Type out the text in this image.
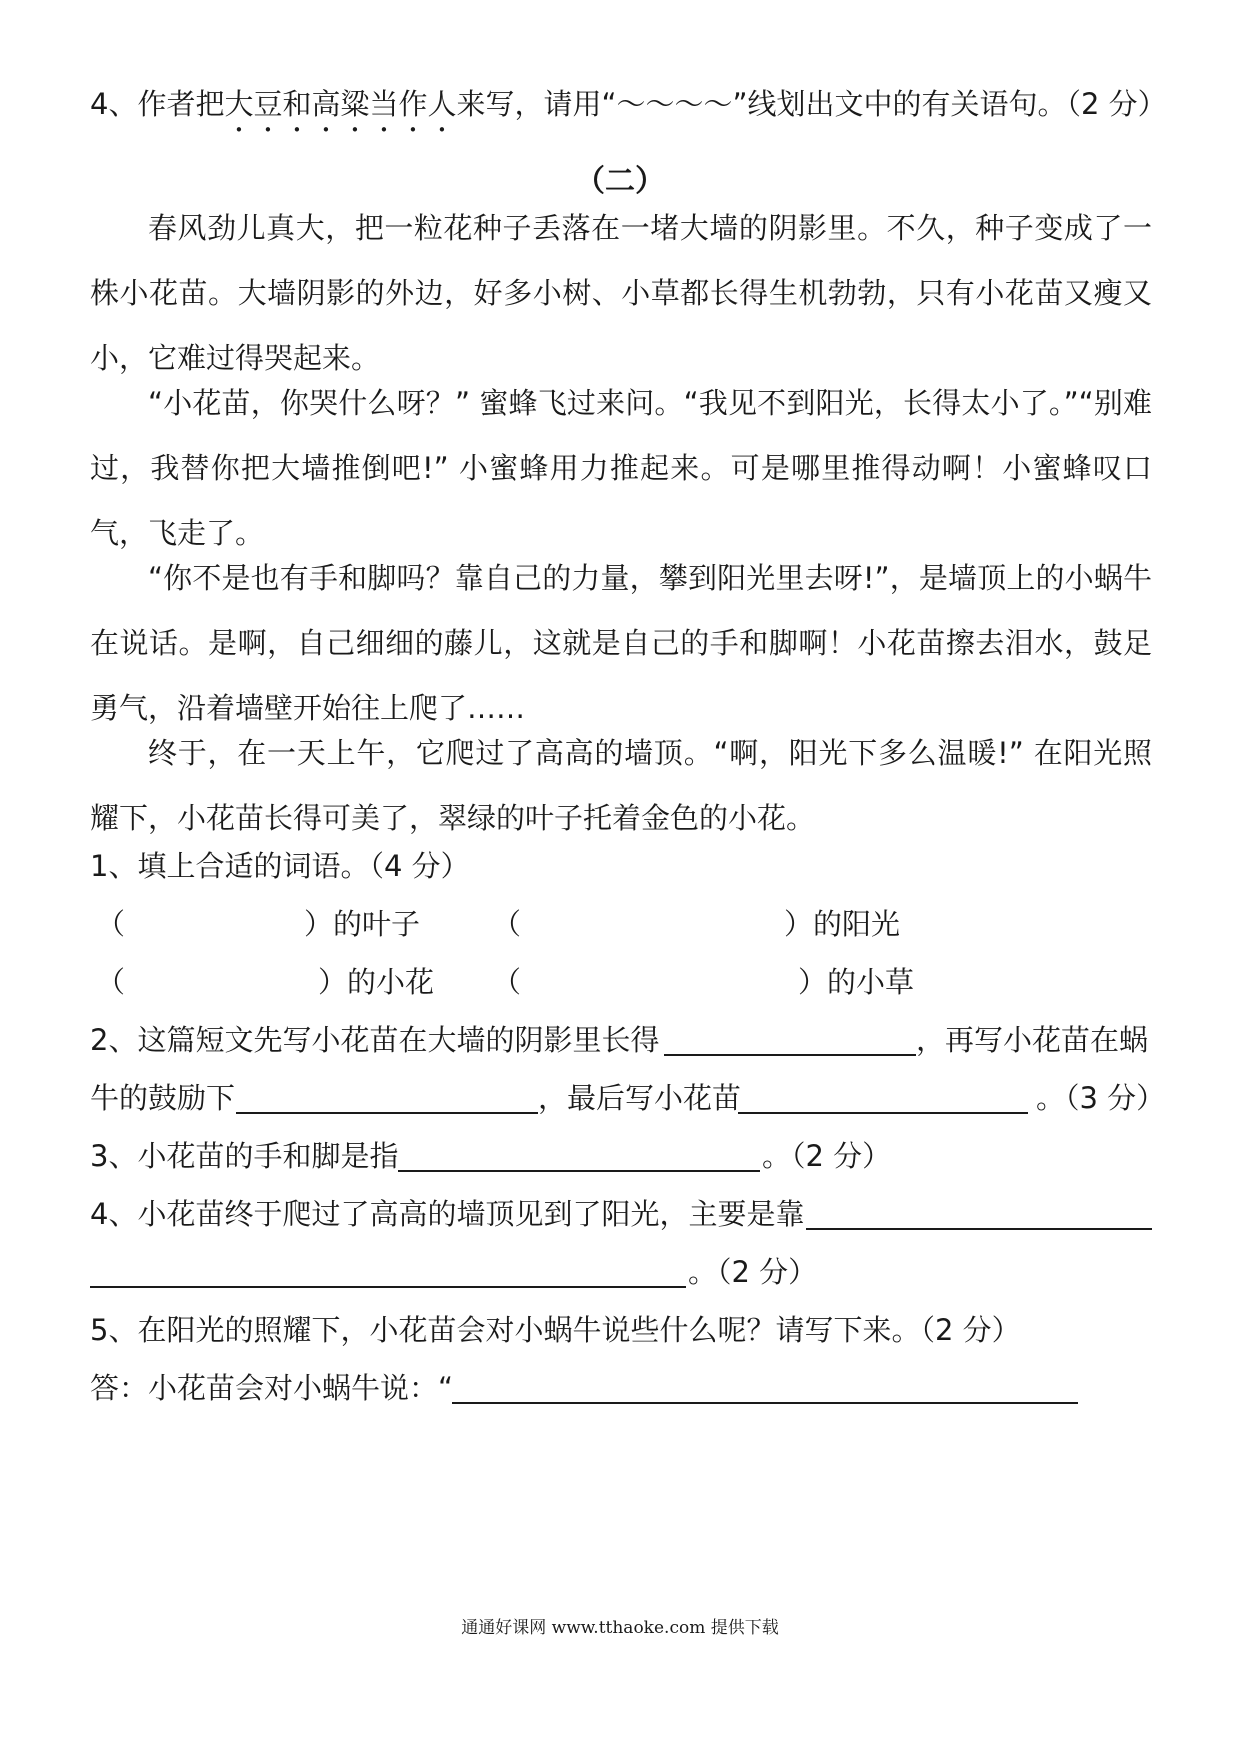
4、作者把大豆和高粱当作人来写，请用“～～～～”线划出文中的有关语句。（2 分）
（二）
春风劲儿真大，把一粒花种子丢落在一堵大墙的阴影里。不久，种子变成了一株小花苗。大墙阴影的外边，好多小树、小草都长得生机勃勃，只有小花苗又瘦又小，它难过得哭起来。
“小花苗，你哭什么呀？” 蜜蜂飞过来问。“我见不到阳光，长得太小了。”“别难过，我替你把大墙推倒吧!” 小蜜蜂用力推起来。可是哪里推得动啊！小蜜蜂叹口气，飞走了。
“你不是也有手和脚吗？靠自己的力量，攀到阳光里去呀!”，是墙顶上的小蜗牛在说话。是啊，自己细细的藤儿，这就是自己的手和脚啊！小花苗擦去泪水，鼓足勇气，沿着墙壁开始往上爬了……
终于，在一天上午，它爬过了高高的墙顶。“啊，阳光下多么温暖!” 在阳光照耀下，小花苗长得可美了，翠绿的叶子托着金色的小花。
1、填上合适的词语。（4 分）
（	）的叶子 （	）的阳光
（	）的小花 （	）的小草
2、这篇短文先写小花苗在大墙的阴影里长得	，再写小花苗在蜗
牛的鼓励下	，最后写小花苗	。（3 分）
3、小花苗的手和脚是指	。（2 分）
4、小花苗终于爬过了高高的墙顶见到了阳光，主要是靠
。（2 分）
5、在阳光的照耀下，小花苗会对小蜗牛说些什么呢？请写下来。（2 分）
答：小花苗会对小蜗牛说：“
通通好课网 www.tthaoke.com 提供下载
